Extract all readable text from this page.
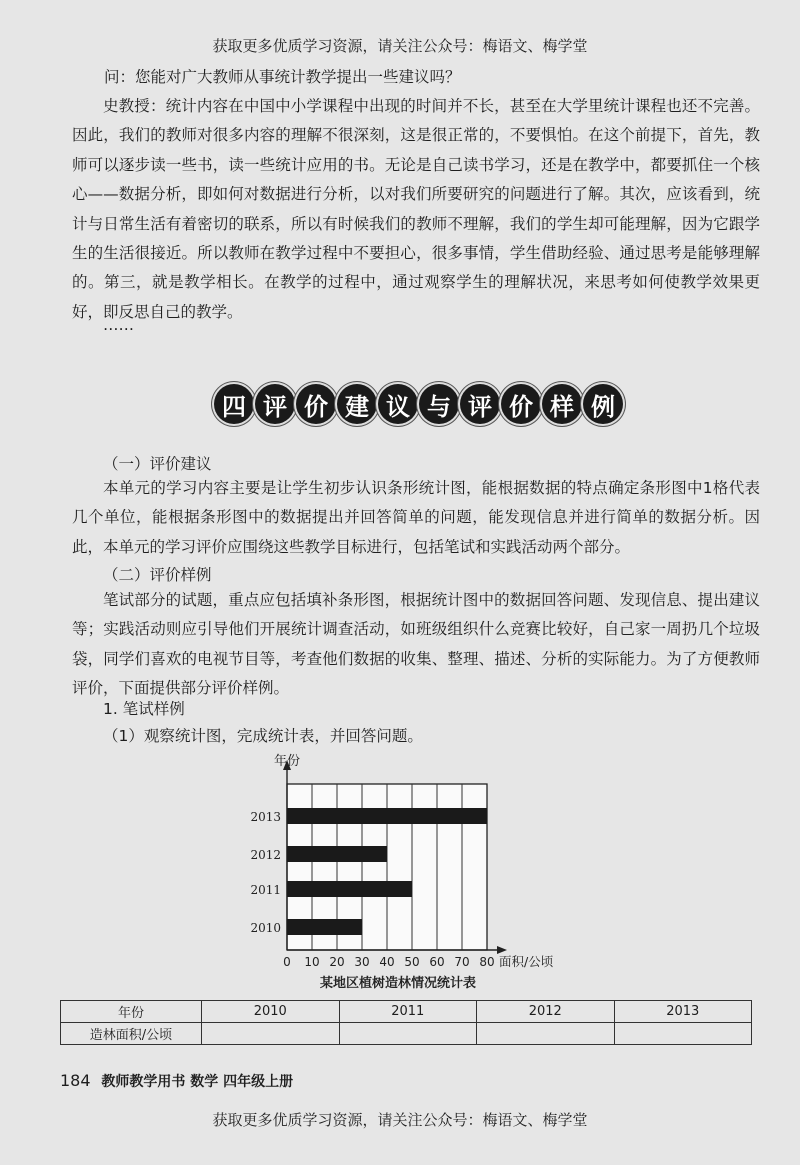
获取更多优质学习资源，请关注公众号：梅语文、梅学堂
问：您能对广大教师从事统计教学提出一些建议吗？
史教授：统计内容在中国中小学课程中出现的时间并不长，甚至在大学里统计课程也还不完善。因此，我们的教师对很多内容的理解不很深刻，这是很正常的，不要惧怕。在这个前提下，首先，教师可以逐步读一些书，读一些统计应用的书。无论是自己读书学习，还是在教学中，都要抓住一个核心——数据分析，即如何对数据进行分析，以对我们所要研究的问题进行了解。其次，应该看到，统计与日常生活有着密切的联系，所以有时候我们的教师不理解，我们的学生却可能理解，因为它跟学生的生活很接近。所以教师在教学过程中不要担心，很多事情，学生借助经验、通过思考是能够理解的。第三，就是教学相长。在教学的过程中，通过观察学生的理解状况，来思考如何使教学效果更好，即反思自己的教学。
……
四 评 价 建 议 与 评 价 样 例
（一）评价建议
本单元的学习内容主要是让学生初步认识条形统计图，能根据数据的特点确定条形图中1格代表几个单位，能根据条形图中的数据提出并回答简单的问题，能发现信息并进行简单的数据分析。因此，本单元的学习评价应围绕这些教学目标进行，包括笔试和实践活动两个部分。
（二）评价样例
笔试部分的试题，重点应包括填补条形图，根据统计图中的数据回答问题、发现信息、提出建议等；实践活动则应引导他们开展统计调查活动，如班级组织什么竞赛比较好，自己家一周扔几个垃圾袋，同学们喜欢的电视节目等，考查他们数据的收集、整理、描述、分析的实际能力。为了方便教师评价，下面提供部分评价样例。
1. 笔试样例
（1）观察统计图，完成统计表，并回答问题。
2010
2011
2012
2013
0 10 20 30 40 50 60 70 80
年份
面积/公顷
某地区植树造林情况统计表
年份	2010	2011	2012	2013
造林面积/公顷				
184 教师教学用书 数学 四年级上册
获取更多优质学习资源，请关注公众号：梅语文、梅学堂
